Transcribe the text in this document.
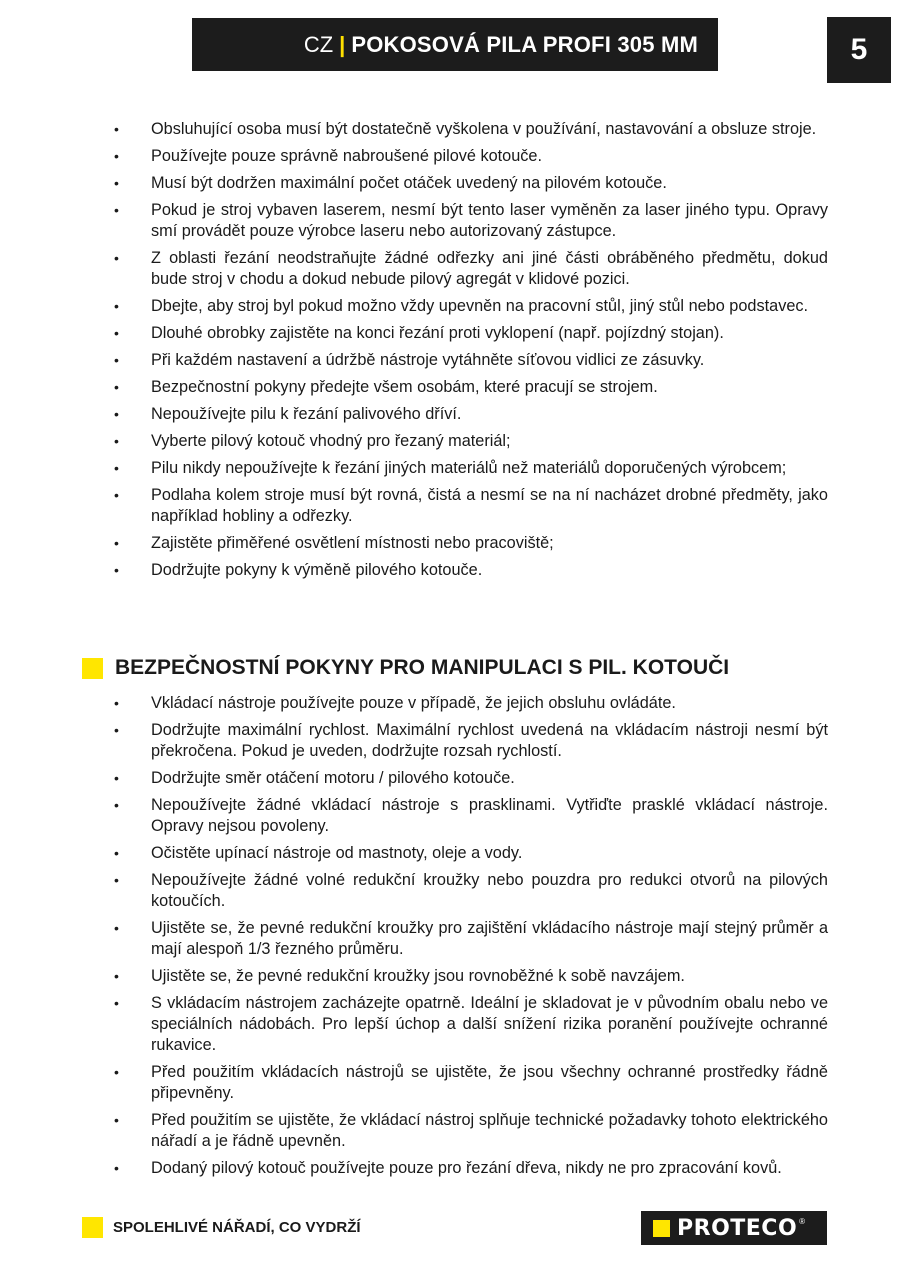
CZ | POKOSOVÁ PILA PROFI 305 MM	5
• Obsluhující osoba musí být dostatečně vyškolena v používání, nastavování a obsluze stroje.
• Používejte pouze správně nabroušené pilové kotouče.
• Musí být dodržen maximální počet otáček uvedený na pilovém kotouče.
• Pokud je stroj vybaven laserem, nesmí být tento laser vyměněn za laser jiného typu. Opravy smí provádět pouze výrobce laseru nebo autorizovaný zástupce.
• Z oblasti řezání neodstraňujte žádné odřezky ani jiné části obráběného předmětu, dokud bude stroj v chodu a dokud nebude pilový agregát v klidové pozici.
• Dbejte, aby stroj byl pokud možno vždy upevněn na pracovní stůl, jiný stůl nebo podstavec.
• Dlouhé obrobky zajistěte na konci řezání proti vyklopení (např. pojízdný stojan).
• Při každém nastavení a údržbě nástroje vytáhněte síťovou vidlici ze zásuvky.
• Bezpečnostní pokyny předejte všem osobám, které pracují se strojem.
• Nepoužívejte pilu k řezání palivového dříví.
• Vyberte pilový kotouč vhodný pro řezaný materiál;
• Pilu nikdy nepoužívejte k řezání jiných materiálů než materiálů doporučených výrobcem;
• Podlaha kolem stroje musí být rovná, čistá a nesmí se na ní nacházet drobné předměty, jako například hobliny a odřezky.
• Zajistěte přiměřené osvětlení místnosti nebo pracoviště;
• Dodržujte pokyny k výměně pilového kotouče.
BEZPEČNOSTNÍ POKYNY PRO MANIPULACI S PIL. KOTOUČI
• Vkládací nástroje používejte pouze v případě, že jejich obsluhu ovládáte.
• Dodržujte maximální rychlost. Maximální rychlost uvedená na vkládacím nástroji nesmí být překročena. Pokud je uveden, dodržujte rozsah rychlostí.
• Dodržujte směr otáčení motoru / pilového kotouče.
• Nepoužívejte žádné vkládací nástroje s prasklinami. Vytřiďte prasklé vkládací nástroje. Opravy nejsou povoleny.
• Očistěte upínací nástroje od mastnoty, oleje a vody.
• Nepoužívejte žádné volné redukční kroužky nebo pouzdra pro redukci otvorů na pilových kotoučích.
• Ujistěte se, že pevné redukční kroužky pro zajištění vkládacího nástroje mají stejný průměr a mají alespoň 1/3 řezného průměru.
• Ujistěte se, že pevné redukční kroužky jsou rovnoběžné k sobě navzájem.
• S vkládacím nástrojem zacházejte opatrně. Ideální je skladovat je v původním obalu nebo ve speciálních nádobách. Pro lepší úchop a další snížení rizika poranění používejte ochranné rukavice.
• Před použitím vkládacích nástrojů se ujistěte, že jsou všechny ochranné prostředky řádně připevněny.
• Před použitím se ujistěte, že vkládací nástroj splňuje technické požadavky tohoto elektrického nářadí a je řádně upevněn.
• Dodaný pilový kotouč používejte pouze pro řezání dřeva, nikdy ne pro zpracování kovů.
SPOLEHLIVÉ NÁŘADÍ, CO VYDRŽÍ	PROTECO ®
